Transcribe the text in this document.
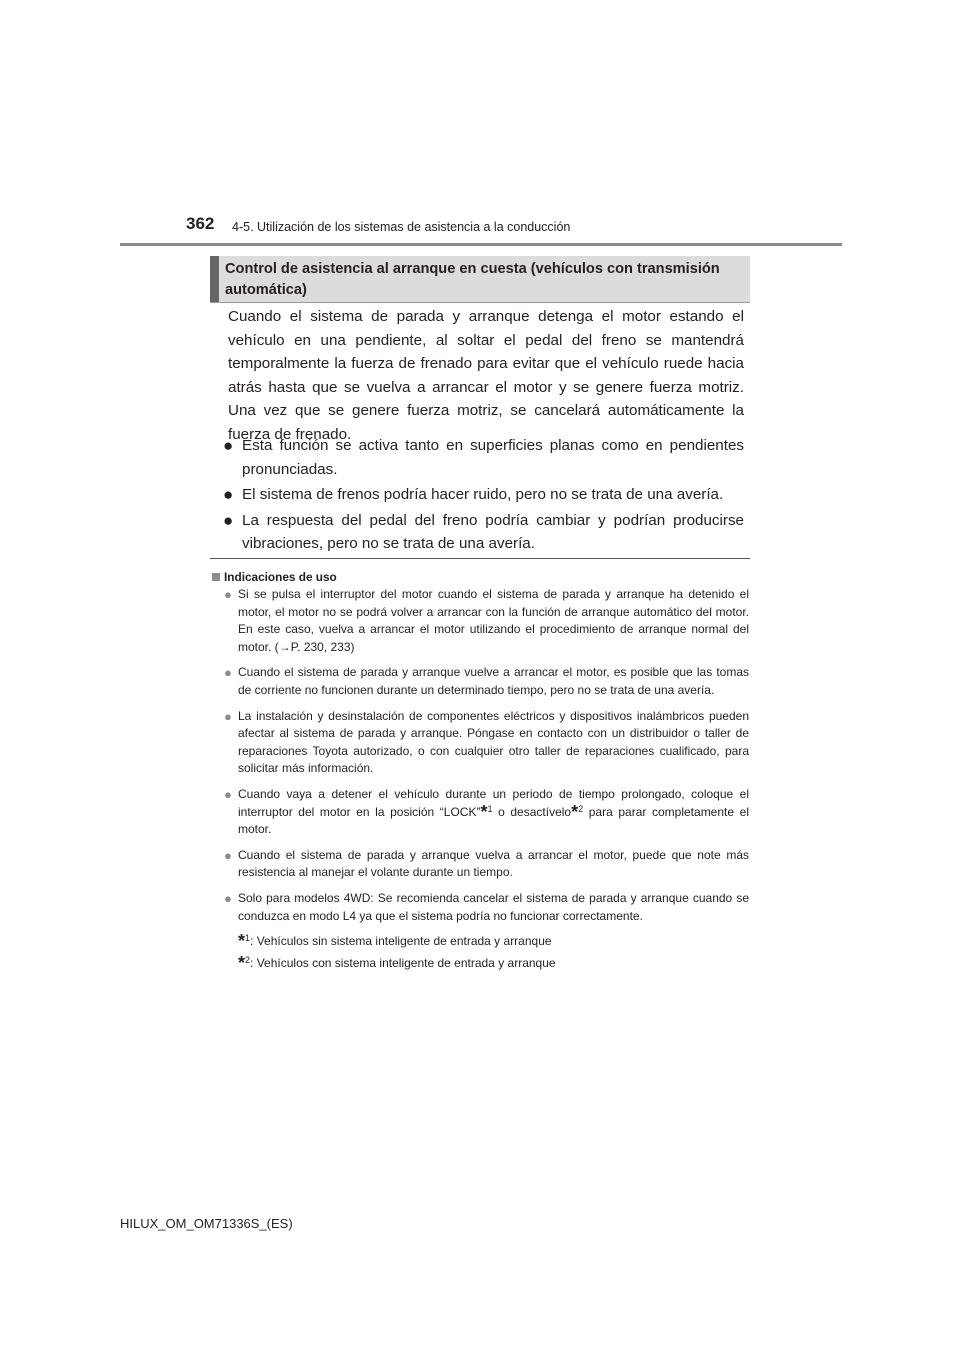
362 4-5. Utilización de los sistemas de asistencia a la conducción
Control de asistencia al arranque en cuesta (vehículos con transmisión automática)
Cuando el sistema de parada y arranque detenga el motor estando el vehículo en una pendiente, al soltar el pedal del freno se mantendrá temporalmente la fuerza de frenado para evitar que el vehículo ruede hacia atrás hasta que se vuelva a arrancar el motor y se genere fuerza motriz. Una vez que se genere fuerza motriz, se cancelará automáticamente la fuerza de frenado.
● Esta función se activa tanto en superficies planas como en pendientes pronunciadas.
● El sistema de frenos podría hacer ruido, pero no se trata de una avería.
● La respuesta del pedal del freno podría cambiar y podrían producirse vibraciones, pero no se trata de una avería.
Indicaciones de uso
● Si se pulsa el interruptor del motor cuando el sistema de parada y arranque ha detenido el motor, el motor no se podrá volver a arrancar con la función de arranque automático del motor. En este caso, vuelva a arrancar el motor utilizando el procedimiento de arranque normal del motor. (→P. 230, 233)
● Cuando el sistema de parada y arranque vuelve a arrancar el motor, es posible que las tomas de corriente no funcionen durante un determinado tiempo, pero no se trata de una avería.
● La instalación y desinstalación de componentes eléctricos y dispositivos inalámbricos pueden afectar al sistema de parada y arranque. Póngase en contacto con un distribuidor o taller de reparaciones Toyota autorizado, o con cualquier otro taller de reparaciones cualificado, para solicitar más información.
● Cuando vaya a detener el vehículo durante un periodo de tiempo prolongado, coloque el interruptor del motor en la posición “LOCK”*$^1$ o desactívelo*$^2$ para parar completamente el motor.
● Cuando el sistema de parada y arranque vuelva a arrancar el motor, puede que note más resistencia al manejar el volante durante un tiempo.
● Solo para modelos 4WD: Se recomienda cancelar el sistema de parada y arranque cuando se conduzca en modo L4 ya que el sistema podría no funcionar correctamente.
*$^1$: Vehículos sin sistema inteligente de entrada y arranque
*$^2$: Vehículos con sistema inteligente de entrada y arranque
HILUX_OM_OM71336S_(ES)
